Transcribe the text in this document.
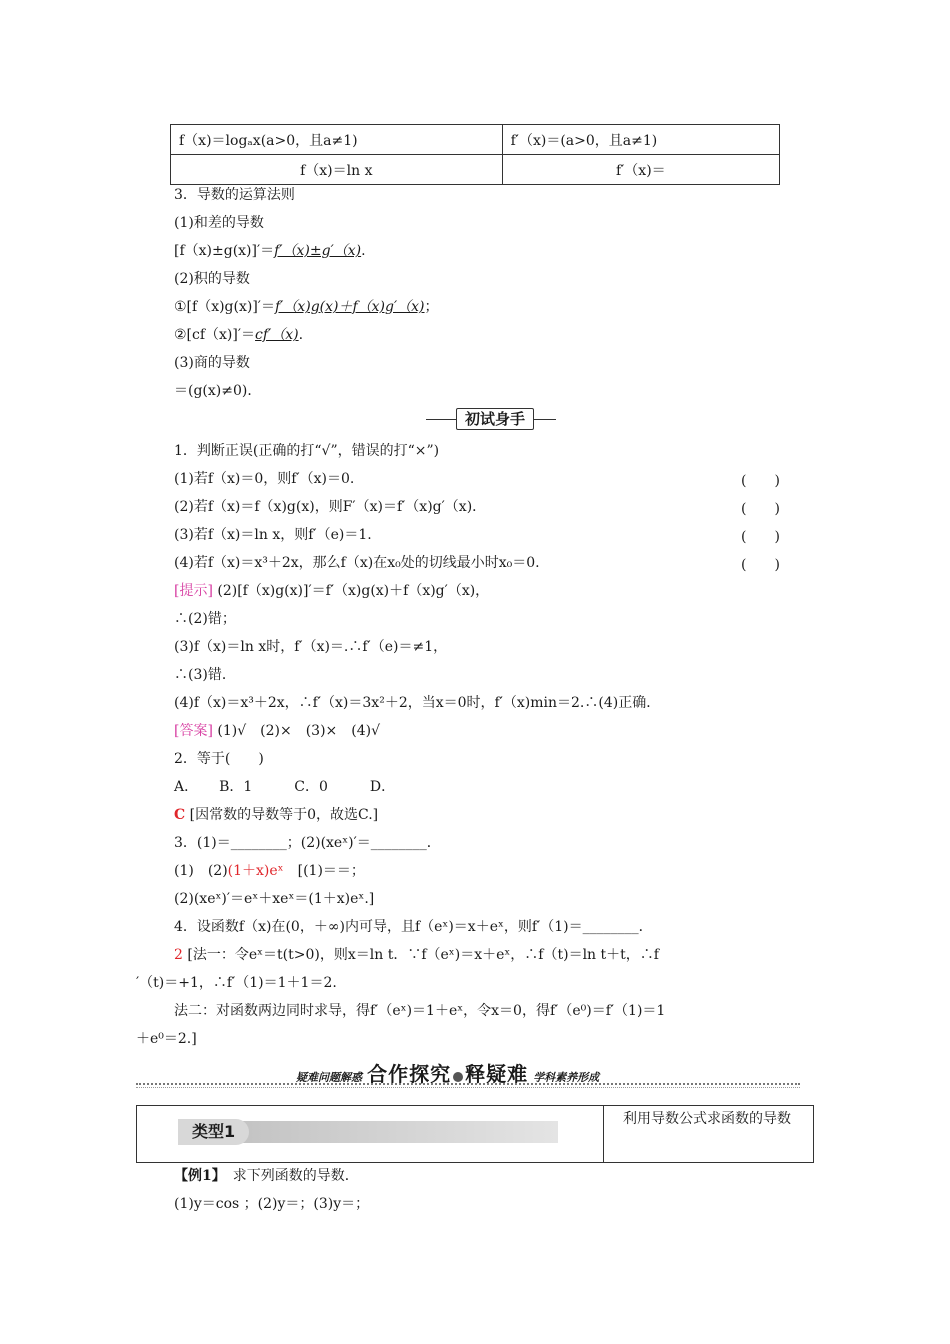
f（x)＝logₐx(a>0，且a≠1)	f′（x)＝(a>0，且a≠1)
f（x)＝ln x	f′（x)＝
3．导数的运算法则
(1)和差的导数
[f（x)±g(x)]′＝f′（x)±g′（x).
(2)积的导数
①[f（x)g(x)]′＝f′（x)g(x)＋f（x)g′（x)；
②[cf（x)]′＝cf′（x).
(3)商的导数
＝(g(x)≠0)．
初试身手
1．判断正误(正确的打“√”，错误的打“×”)
(1)若f（x)＝0，则f′（x)＝0.	(　　)
(2)若f（x)＝f（x)g(x)，则F′（x)＝f′（x)g′（x)．	(　　)
(3)若f（x)＝ln x，则f′（e)＝1.	(　　)
(4)若f（x)＝x³＋2x，那么f（x)在x₀处的切线最小时x₀＝0.	(　　)
[提示] (2)[f（x)g(x)]′＝f′（x)g(x)＋f（x)g′（x)，
∴(2)错；
(3)f（x)＝ln x时，f′（x)＝.∴f′（e)＝≠1，
∴(3)错．
(4)f（x)＝x³＋2x，∴f′（x)＝3x²＋2，当x＝0时，f′（x)min＝2.∴(4)正确．
[答案] (1)√　(2)×　(3)×　(4)√
2．等于(　　)
A．　　B．1　　　C．0　　　D．
C [因常数的导数等于0，故选C.]
3．(1)＝________；(2)(xeˣ)′＝________．
(1)　(2)(1＋x)eˣ　[(1)＝＝；
(2)(xeˣ)′＝eˣ＋xeˣ＝(1＋x)eˣ.]
4．设函数f（x)在(0，＋∞)内可导，且f（eˣ)＝x＋eˣ，则f′（1)＝________．
2 [法一：令eˣ＝t(t>0)，则x＝ln t．∵f（eˣ)＝x＋eˣ，∴f（t)＝ln t＋t，∴f
′（t)＝+1，∴f′（1)＝1＋1＝2.
法二：对函数两边同时求导，得f′（eˣ)＝1＋eˣ，令x＝0，得f′（e⁰)＝f′（1)＝1
＋e⁰＝2.]
疑难问题解惑 合作探究 释疑难 学科素养形成

类型1
利用导数公式求函数的导数
【例1】　求下列函数的导数．
(1)y＝cos ；(2)y＝；(3)y＝；
